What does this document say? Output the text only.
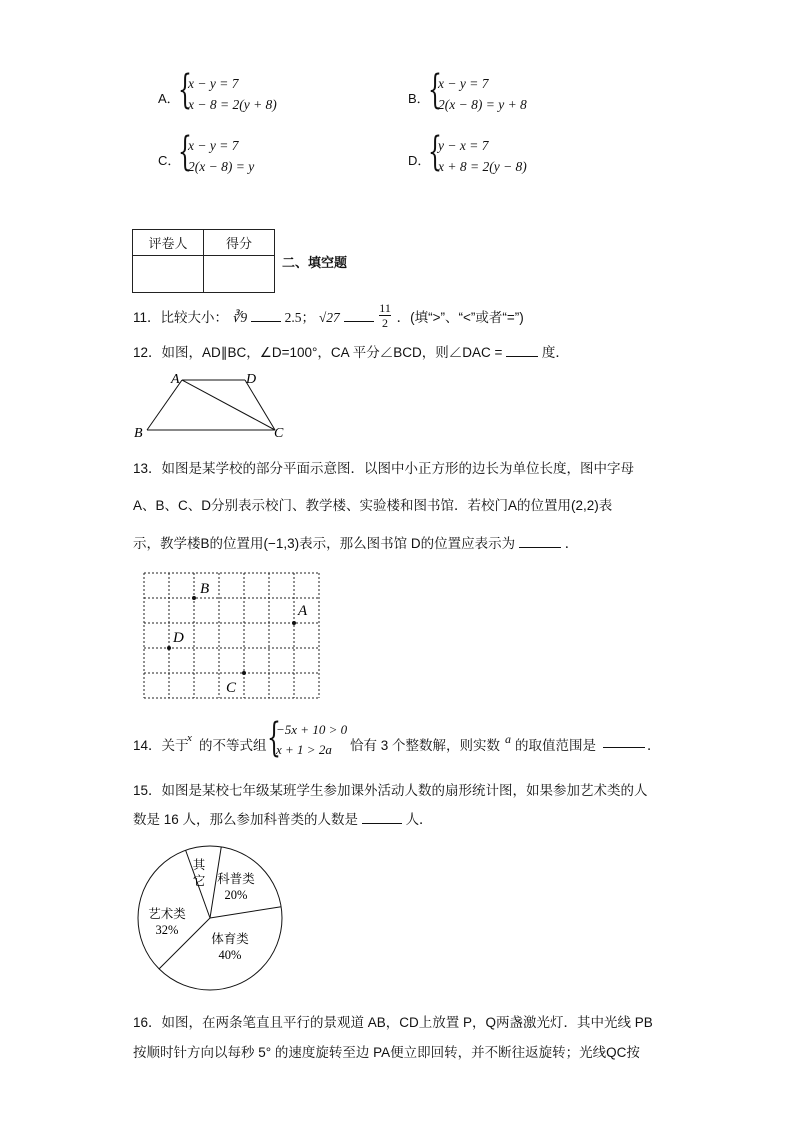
A．
{
x − y = 7
x − 8 = 2(y + 8)	B．
{
x − y = 7
2(x − 8) = y + 8
C．
{
x − y = 7
2(x − 8) = y	D．
{
y − x = 7
x + 8 = 2(y − 8)
评卷人	得分

二、填空题
11．比较大小： ∛9	2.5； √27	$\frac{11}{2}$ ．(填“>”、“<”或者“=”)
12．如图，AD∥BC，∠D=100°，CA 平分∠BCD，则∠DAC =	度．
A	D
B	C
13．如图是某学校的部分平面示意图．以图中小正方形的边长为单位长度，图中字母
A、B、C、D分别表示校门、教学楼、实验楼和图书馆．若校门A的位置用(2,2)表
示，教学楼B的位置用(−1,3)表示，那么图书馆 D的位置应表示为	．
B
A
D
C
14．关于
x 的不等式组 {
−5x + 10 > 0
x + 1 > 2a 恰有 3 个整数解，则实数 a 的取值范围是	．
15．如图是某校七年级某班学生参加课外活动人数的扇形统计图，如果参加艺术类的人
数是 16 人，那么参加科普类的人数是	人．
科普类
20%
体育类
40%
艺术类
32%
其
它
16．如图，在两条笔直且平行的景观道 AB，CD上放置 P，Q两盏激光灯．其中光线 PB
按顺时针方向以每秒 5° 的速度旋转至边 PA便立即回转，并不断往返旋转；光线QC按
